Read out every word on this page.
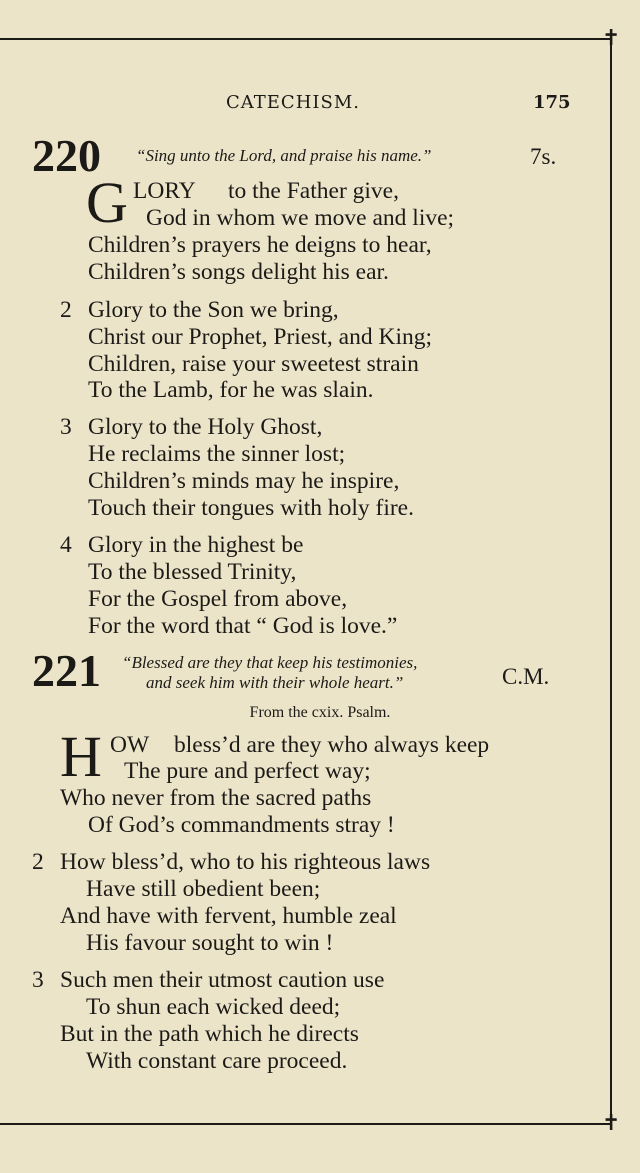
✝
✝
CATECHISM.	175
220 “Sing unto the Lord, and praise his name.”	7s.
G LORY to the Father give,
God in whom we move and live;
Children’s prayers he deigns to hear,
Children’s songs delight his ear.
2 Glory to the Son we bring,
Christ our Prophet, Priest, and King;
Children, raise your sweetest strain
To the Lamb, for he was slain.
3 Glory to the Holy Ghost,
He reclaims the sinner lost;
Children’s minds may he inspire,
Touch their tongues with holy fire.
4 Glory in the highest be
To the blessed Trinity,
For the Gospel from above,
For the word that “ God is love.”
221 “Blessed are they that keep his testimonies,
and seek him with their whole heart.”	C.M.
From the cxix. Psalm.
H OW bless’d are they who always keep
The pure and perfect way;
Who never from the sacred paths
Of God’s commandments stray !
2 How bless’d, who to his righteous laws
Have still obedient been;
And have with fervent, humble zeal
His favour sought to win !
3 Such men their utmost caution use
To shun each wicked deed;
But in the path which he directs
With constant care proceed.
